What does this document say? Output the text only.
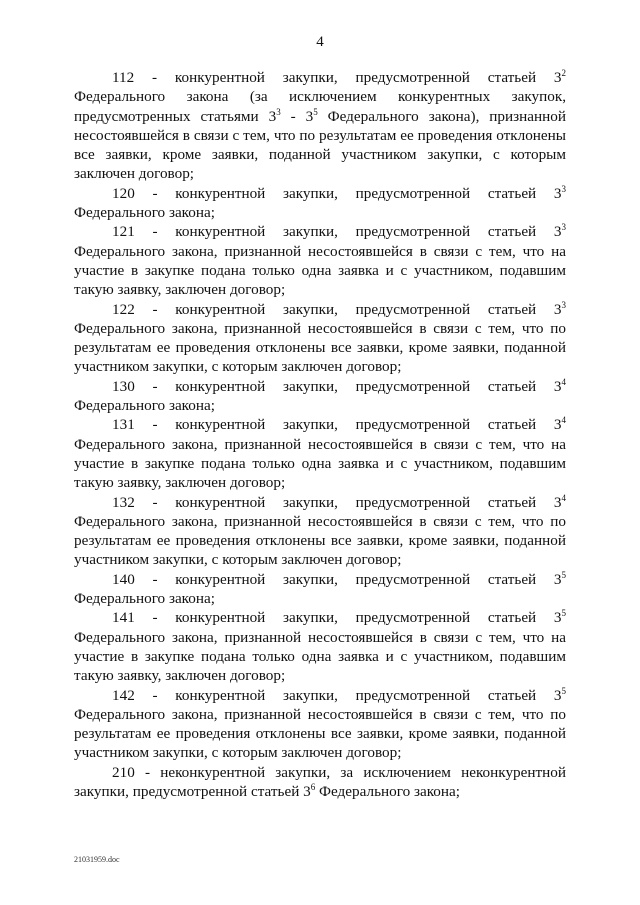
4

112 - конкурентной закупки, предусмотренной статьей $3^2$ Федерального закона (за исключением конкурентных закупок, предусмотренных статьями $3^3 - 3^5$ Федерального закона), признанной несостоявшейся в связи с тем, что по результатам ее проведения отклонены все заявки, кроме заявки, поданной участником закупки, с которым заключен договор;

120 - конкурентной закупки, предусмотренной статьей $3^3$ Федерального закона;

121 - конкурентной закупки, предусмотренной статьей $3^3$ Федерального закона, признанной несостоявшейся в связи с тем, что на участие в закупке подана только одна заявка и с участником, подавшим такую заявку, заключен договор;

122 - конкурентной закупки, предусмотренной статьей $3^3$ Федерального закона, признанной несостоявшейся в связи с тем, что по результатам ее проведения отклонены все заявки, кроме заявки, поданной участником закупки, с которым заключен договор;

130 - конкурентной закупки, предусмотренной статьей $3^4$ Федерального закона;

131 - конкурентной закупки, предусмотренной статьей $3^4$ Федерального закона, признанной несостоявшейся в связи с тем, что на участие в закупке подана только одна заявка и с участником, подавшим такую заявку, заключен договор;

132 - конкурентной закупки, предусмотренной статьей $3^4$ Федерального закона, признанной несостоявшейся в связи с тем, что по результатам ее проведения отклонены все заявки, кроме заявки, поданной участником закупки, с которым заключен договор;

140 - конкурентной закупки, предусмотренной статьей $3^5$ Федерального закона;

141 - конкурентной закупки, предусмотренной статьей $3^5$ Федерального закона, признанной несостоявшейся в связи с тем, что на участие в закупке подана только одна заявка и с участником, подавшим такую заявку, заключен договор;

142 - конкурентной закупки, предусмотренной статьей $3^5$ Федерального закона, признанной несостоявшейся в связи с тем, что по результатам ее проведения отклонены все заявки, кроме заявки, поданной участником закупки, с которым заключен договор;

210 - неконкурентной закупки, за исключением неконкурентной закупки, предусмотренной статьей $3^6$ Федерального закона;

21031959.doc
